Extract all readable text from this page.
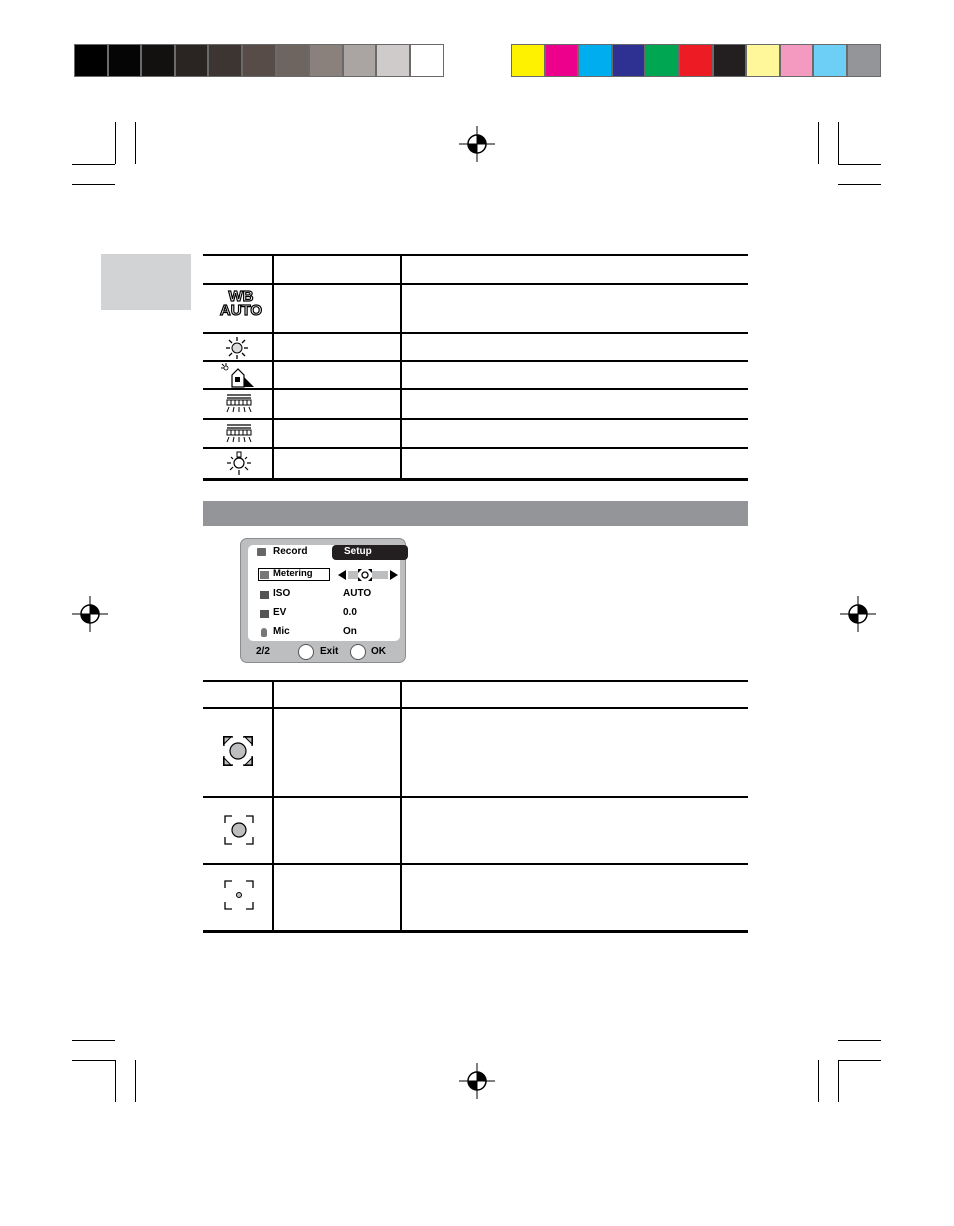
WB
AUTO
Record	Setup
Metering
ISO	AUTO
EV	0.0
Mic	On
2/2	Exit	OK
